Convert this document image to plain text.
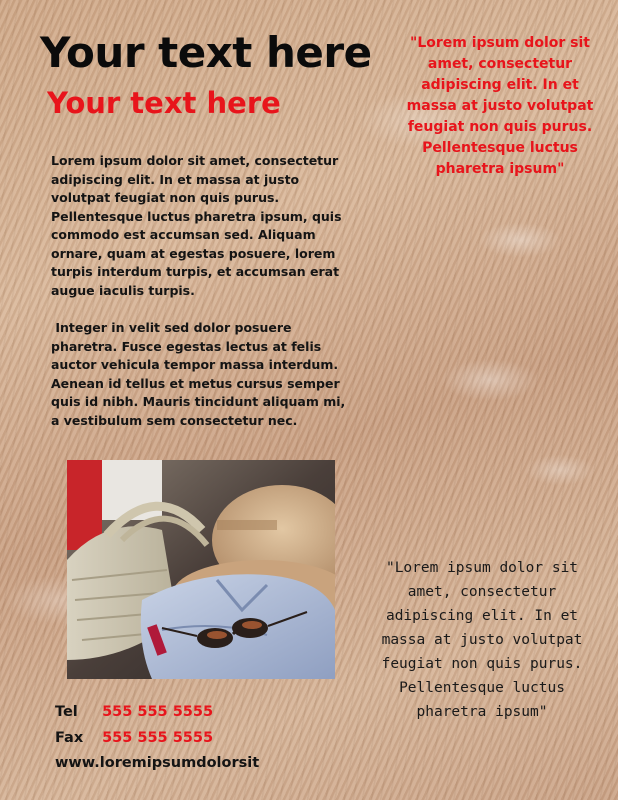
Your text here
Your text here
"Lorem ipsum dolor sit amet, consectetur adipiscing elit. In et massa at justo volutpat feugiat non quis purus. Pellentesque luctus pharetra ipsum"

Lorem ipsum dolor sit amet, consectetur adipiscing elit. In et massa at justo volutpat feugiat non quis purus. Pellentesque luctus pharetra ipsum, quis commodo est accumsan sed. Aliquam ornare, quam at egestas posuere, lorem turpis interdum turpis, et accumsan erat augue iaculis turpis.

Integer in velit sed dolor posuere pharetra. Fusce egestas lectus at felis auctor vehicula tempor massa interdum. Aenean id tellus et metus cursus semper quis id nibh. Mauris tincidunt aliquam mi, a vestibulum sem consectetur nec.

"Lorem ipsum dolor sit amet, consectetur adipiscing elit. In et massa at justo volutpat feugiat non quis purus. Pellentesque luctus pharetra ipsum"
Tel 555 555 5555
Fax 555 555 5555
www.loremipsumdolorsit
